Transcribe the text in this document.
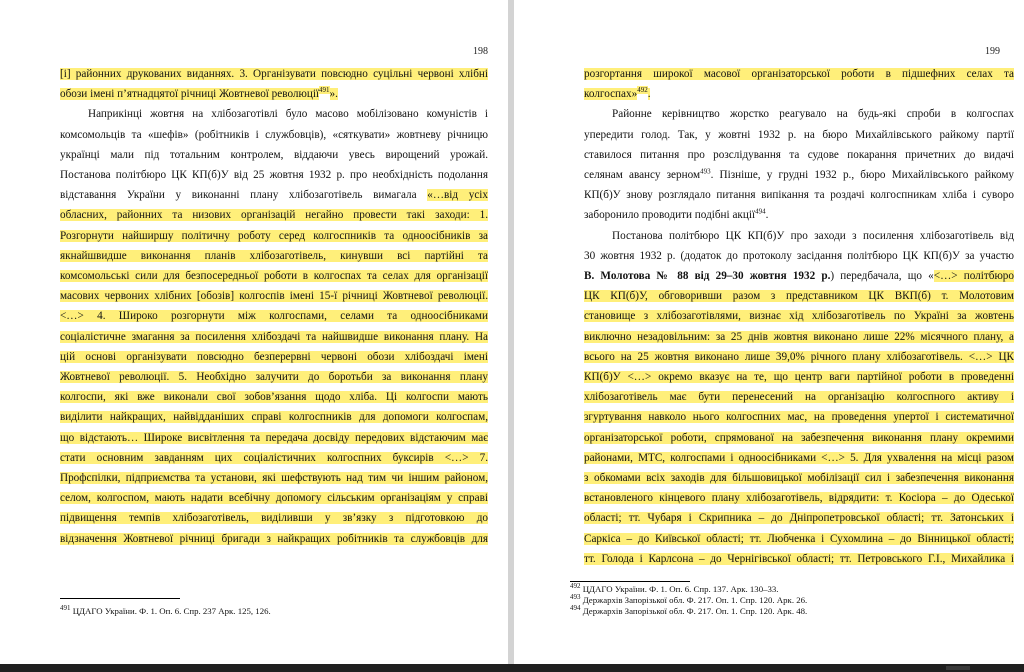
198
[і] районних друкованих виданнях. 3. Організувати повсюдно суцільні червоні хлібні
обози імені п’ятнадцятої річниці Жовтневої революції$^{491}$».
Наприкінці жовтня на хлібозаготівлі було масово мобілізовано комуністів і
комсомольців та «шефів» (робітників і службовців), «сяткувати» жовтневу річницю
українці мали під тотальним контролем, віддаючи увесь вирощений урожай.
Постанова політбюро ЦК КП(б)У від 25 жовтня 1932 р. про необхідність подолання
відставання України у виконанні плану хлібозаготівель вимагала «…від усіх
обласних, районних та низових організацій негайно провести такі заходи: 1.
Розгорнути найширшу політичну роботу серед колгоспників та одноосібників за
якнайшвидше виконання планів хлібозаготівель, кинувши всі партійні та
комсомольські сили для безпосередньої роботи в колгоспах та селах для організації
масових червоних хлібних [обозів] колгоспів імені 15-ї річниці Жовтневої революції.
<…> 4. Широко розгорнути між колгоспами, селами та одноосібниками
соціалістичне змагання за посилення хлібоздачі та найшвидше виконання плану. На
цій основі організувати повсюдно безперервні червоні обози хлібоздачі імені
Жовтневої революції. 5. Необхідно залучити до боротьби за виконання плану
колгоспи, які вже виконали свої зобов’язання щодо хліба. Ці колгоспи мають
виділити найкращих, найвідданіших справі колгоспників для допомоги колгоспам,
що відстають… Широке висвітлення та передача досвіду передових відстаючим має
стати основним завданням цих соціалістичних колгоспних буксирів <…> 7.
Профспілки, підприємства та установи, які шефствують над тим чи іншим районом,
селом, колгоспом, мають надати всебічну допомогу сільським організаціям у справі
підвищення темпів хлібозаготівель, виділивши у зв’язку з підготовкою до
відзначення Жовтневої річниці бригади з найкращих робітників та службовців для
$^{491}$ ЦДАГО України. Ф. 1. Оп. 6. Спр. 237 Арк. 125, 126.
199
розгортання широкої масової організаторської роботи в підшефних селах та
колгоспах»$^{492}$.
Районне керівництво жорстко реагувало на будь-які спроби в колгоспах
упередити голод. Так, у жовтні 1932 р. на бюро Михайлівського райкому партії
ставилося питання про розслідування та судове покарання причетних до видачі
селянам авансу зерном$^{493}$. Пізніше, у грудні 1932 р., бюро Михайлівського райкому
КП(б)У знову розглядало питання випікання та роздачі колгоспникам хліба і суворо
заборонило проводити подібні акції$^{494}$.
Постанова політбюро ЦК КП(б)У про заходи з посилення хлібозаготівель від
30 жовтня 1932 р. (додаток до протоколу засідання політбюро ЦК КП(б)У за участю
В. Молотова № 88 від 29–30 жовтня 1932 р.) передбачала, що «<…> політбюро
ЦК КП(б)У, обговоривши разом з представником ЦК ВКП(б) т. Молотовим
становище з хлібозаготівлями, визнає хід хлібозаготівель по Україні за жовтень
виключно незадовільним: за 25 днів жовтня виконано лише 22% місячного плану, а
всього на 25 жовтня виконано лише 39,0% річного плану хлібозаготівель. <…> ЦК
КП(б)У <…> окремо вказує на те, що центр ваги партійної роботи в проведенні
хлібозаготівель має бути перенесений на організацію колгоспного активу і
згуртування навколо нього колгоспних мас, на проведення упертої і систематичної
організаторської роботи, спрямованої на забезпечення виконання плану окремими
районами, МТС, колгоспами і одноосібниками <…> 5. Для ухвалення на місці разом
з обкомами всіх заходів для більшовицької мобілізації сил і забезпечення виконання
встановленого кінцевого плану хлібозаготівель, відрядити: т. Косіора – до Одеської
області; тт. Чубаря і Скрипника – до Дніпропетровської області; тт. Затонських і
Саркіса – до Київської області; тт. Любченка і Сухомлина – до Вінницької області;
тт. Голода і Карлсона – до Чернігівської області; тт. Петровського Г.І., Михайлика і
$^{492}$ ЦДАГО України. Ф. 1. Оп. 6. Спр. 137. Арк. 130–33.
$^{493}$ Держархів Запорізької обл. Ф. 217. Оп. 1. Спр. 120. Арк. 26.
$^{494}$ Держархів Запорізької обл. Ф. 217. Оп. 1. Спр. 120. Арк. 48.
